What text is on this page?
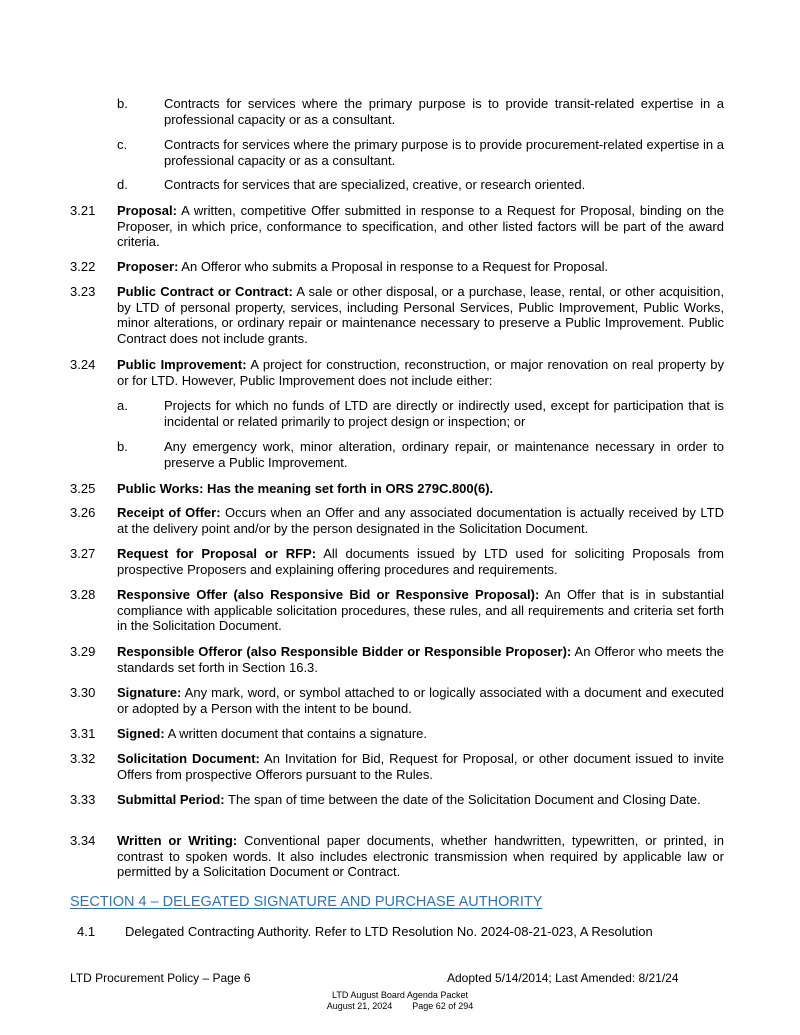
b.	Contracts for services where the primary purpose is to provide transit-related expertise in a professional capacity or as a consultant.
c.	Contracts for services where the primary purpose is to provide procurement-related expertise in a professional capacity or as a consultant.
d.	Contracts for services that are specialized, creative, or research oriented.
3.21 Proposal: A written, competitive Offer submitted in response to a Request for Proposal, binding on the Proposer, in which price, conformance to specification, and other listed factors will be part of the award criteria.
3.22 Proposer: An Offeror who submits a Proposal in response to a Request for Proposal.
3.23 Public Contract or Contract: A sale or other disposal, or a purchase, lease, rental, or other acquisition, by LTD of personal property, services, including Personal Services, Public Improvement, Public Works, minor alterations, or ordinary repair or maintenance necessary to preserve a Public Improvement. Public Contract does not include grants.
3.24 Public Improvement: A project for construction, reconstruction, or major renovation on real property by or for LTD. However, Public Improvement does not include either:
a.	Projects for which no funds of LTD are directly or indirectly used, except for participation that is incidental or related primarily to project design or inspection; or
b.	Any emergency work, minor alteration, ordinary repair, or maintenance necessary in order to preserve a Public Improvement.
3.25 Public Works: Has the meaning set forth in ORS 279C.800(6).
3.26 Receipt of Offer: Occurs when an Offer and any associated documentation is actually received by LTD at the delivery point and/or by the person designated in the Solicitation Document.
3.27 Request for Proposal or RFP: All documents issued by LTD used for soliciting Proposals from prospective Proposers and explaining offering procedures and requirements.
3.28 Responsive Offer (also Responsive Bid or Responsive Proposal): An Offer that is in substantial compliance with applicable solicitation procedures, these rules, and all requirements and criteria set forth in the Solicitation Document.
3.29 Responsible Offeror (also Responsible Bidder or Responsible Proposer): An Offeror who meets the standards set forth in Section 16.3.
3.30 Signature: Any mark, word, or symbol attached to or logically associated with a document and executed or adopted by a Person with the intent to be bound.
3.31 Signed: A written document that contains a signature.
3.32 Solicitation Document: An Invitation for Bid, Request for Proposal, or other document issued to invite Offers from prospective Offerors pursuant to the Rules.
3.33 Submittal Period: The span of time between the date of the Solicitation Document and Closing Date.
3.34 Written or Writing: Conventional paper documents, whether handwritten, typewritten, or printed, in contrast to spoken words. It also includes electronic transmission when required by applicable law or permitted by a Solicitation Document or Contract.
SECTION 4 – DELEGATED SIGNATURE AND PURCHASE AUTHORITY
4.1 Delegated Contracting Authority. Refer to LTD Resolution No. 2024-08-21-023, A Resolution
LTD Procurement Policy – Page 6	Adopted 5/14/2014; Last Amended: 8/21/24
LTD August Board Agenda Packet
August 21, 2024        Page 62 of 294
